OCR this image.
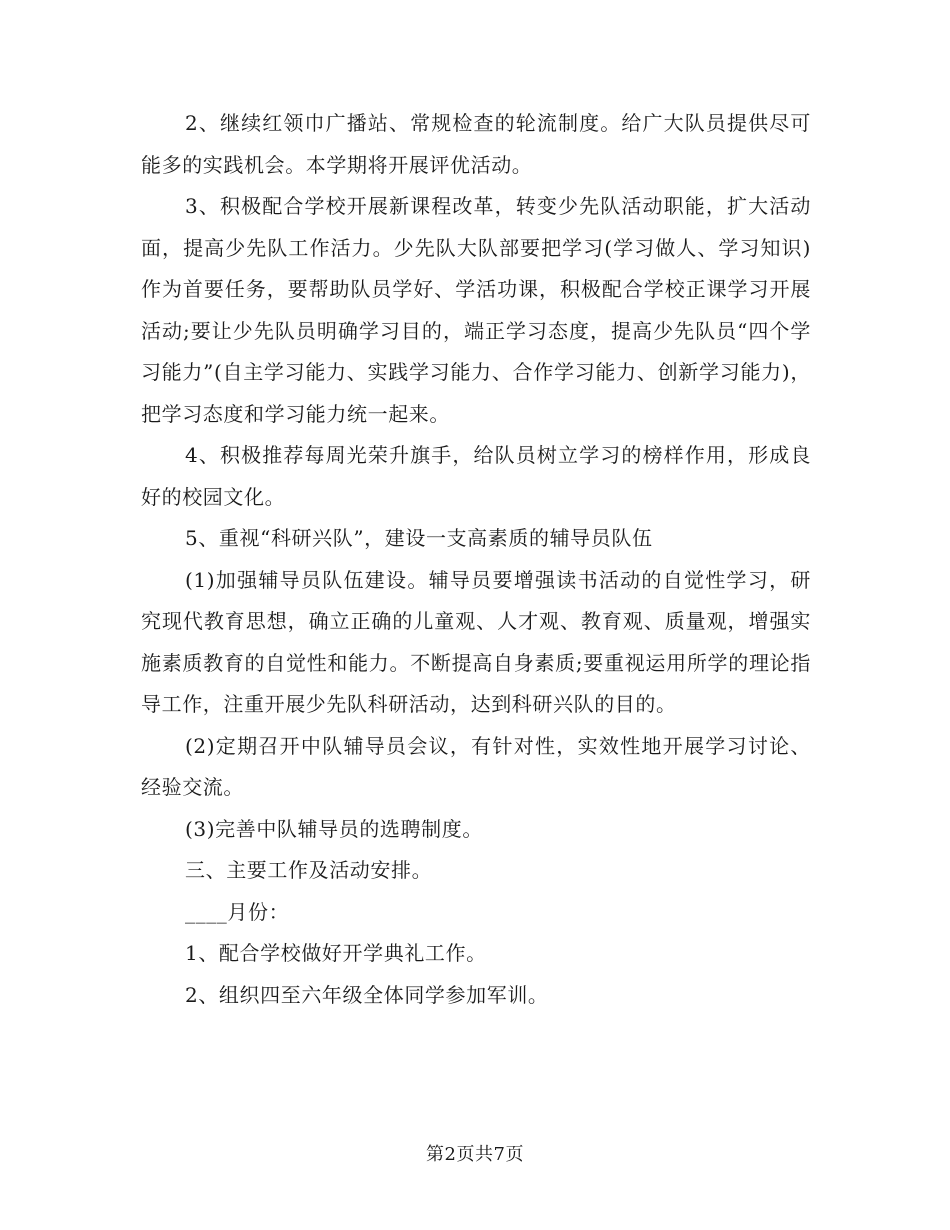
2、继续红领巾广播站、常规检查的轮流制度。给广大队员提供尽可能多的实践机会。本学期将开展评优活动。

3、积极配合学校开展新课程改革，转变少先队活动职能，扩大活动面，提高少先队工作活力。少先队大队部要把学习(学习做人、学习知识)作为首要任务，要帮助队员学好、学活功课，积极配合学校正课学习开展活动;要让少先队员明确学习目的，端正学习态度，提高少先队员“四个学习能力”(自主学习能力、实践学习能力、合作学习能力、创新学习能力)，把学习态度和学习能力统一起来。

4、积极推荐每周光荣升旗手，给队员树立学习的榜样作用，形成良好的校园文化。

5、重视“科研兴队”，建设一支高素质的辅导员队伍

(1)加强辅导员队伍建设。辅导员要增强读书活动的自觉性学习，研究现代教育思想，确立正确的儿童观、人才观、教育观、质量观，增强实施素质教育的自觉性和能力。不断提高自身素质;要重视运用所学的理论指导工作，注重开展少先队科研活动，达到科研兴队的目的。

(2)定期召开中队辅导员会议，有针对性，实效性地开展学习讨论、经验交流。

(3)完善中队辅导员的选聘制度。

三、主要工作及活动安排。

____月份：

1、配合学校做好开学典礼工作。

2、组织四至六年级全体同学参加军训。

第2页共7页
